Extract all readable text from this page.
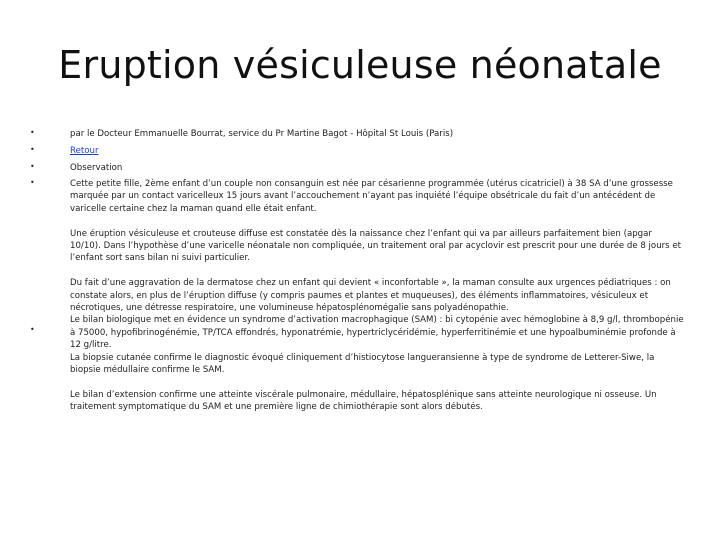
Eruption vésiculeuse néonatale
•
•
•
•
•
par le Docteur Emmanuelle Bourrat, service du Pr Martine Bagot - Hôpital St Louis (Paris)
Retour
Observation

Cette petite fille, 2ème enfant d’un couple non consanguin est née par césarienne programmée (utérus cicatriciel) à 38 SA d’une grossesse marquée par un contact varicelleux 15 jours avant l’accouchement n’ayant pas inquiété l’équipe obsétricale du fait d’un antécédent de varicelle certaine chez la maman quand elle était enfant.

Une éruption vésiculeuse et crouteuse diffuse est constatée dès la naissance chez l’enfant qui va par ailleurs parfaitement bien (apgar 10/10). Dans l’hypothèse d’une varicelle néonatale non compliquée, un traitement oral par acyclovir est prescrit pour une durée de 8 jours et l’enfant sort sans bilan ni suivi particulier.

Du fait d’une aggravation de la dermatose chez un enfant qui devient « inconfortable », la maman consulte aux urgences pédiatriques : on constate alors, en plus de l’éruption diffuse (y compris paumes et plantes et muqueuses), des éléments inflammatoires, vésiculeux et nécrotiques, une détresse respiratoire, une volumineuse hépatosplénomégalie sans polyadénopathie.

Le bilan biologique met en évidence un syndrome d’activation macrophagique (SAM) : bi cytopénie avec hémoglobine à 8,9 g/l, thrombopénie à 75000, hypofibrinogénémie, TP/TCA effondrés, hyponatrémie, hypertriclycéridémie, hyperferritinémie et une hypoalbuminémie profonde à 12 g/litre.

La biopsie cutanée confirme le diagnostic évoqué cliniquement d’histiocytose langueransienne à type de syndrome de Letterer-Siwe, la biopsie médullaire confirme le SAM.

Le bilan d’extension confirme une atteinte viscérale pulmonaire, médullaire, hépatosplénique sans atteinte neurologique ni osseuse. Un traitement symptomatique du SAM et une première ligne de chimiothérapie sont alors débutés.
